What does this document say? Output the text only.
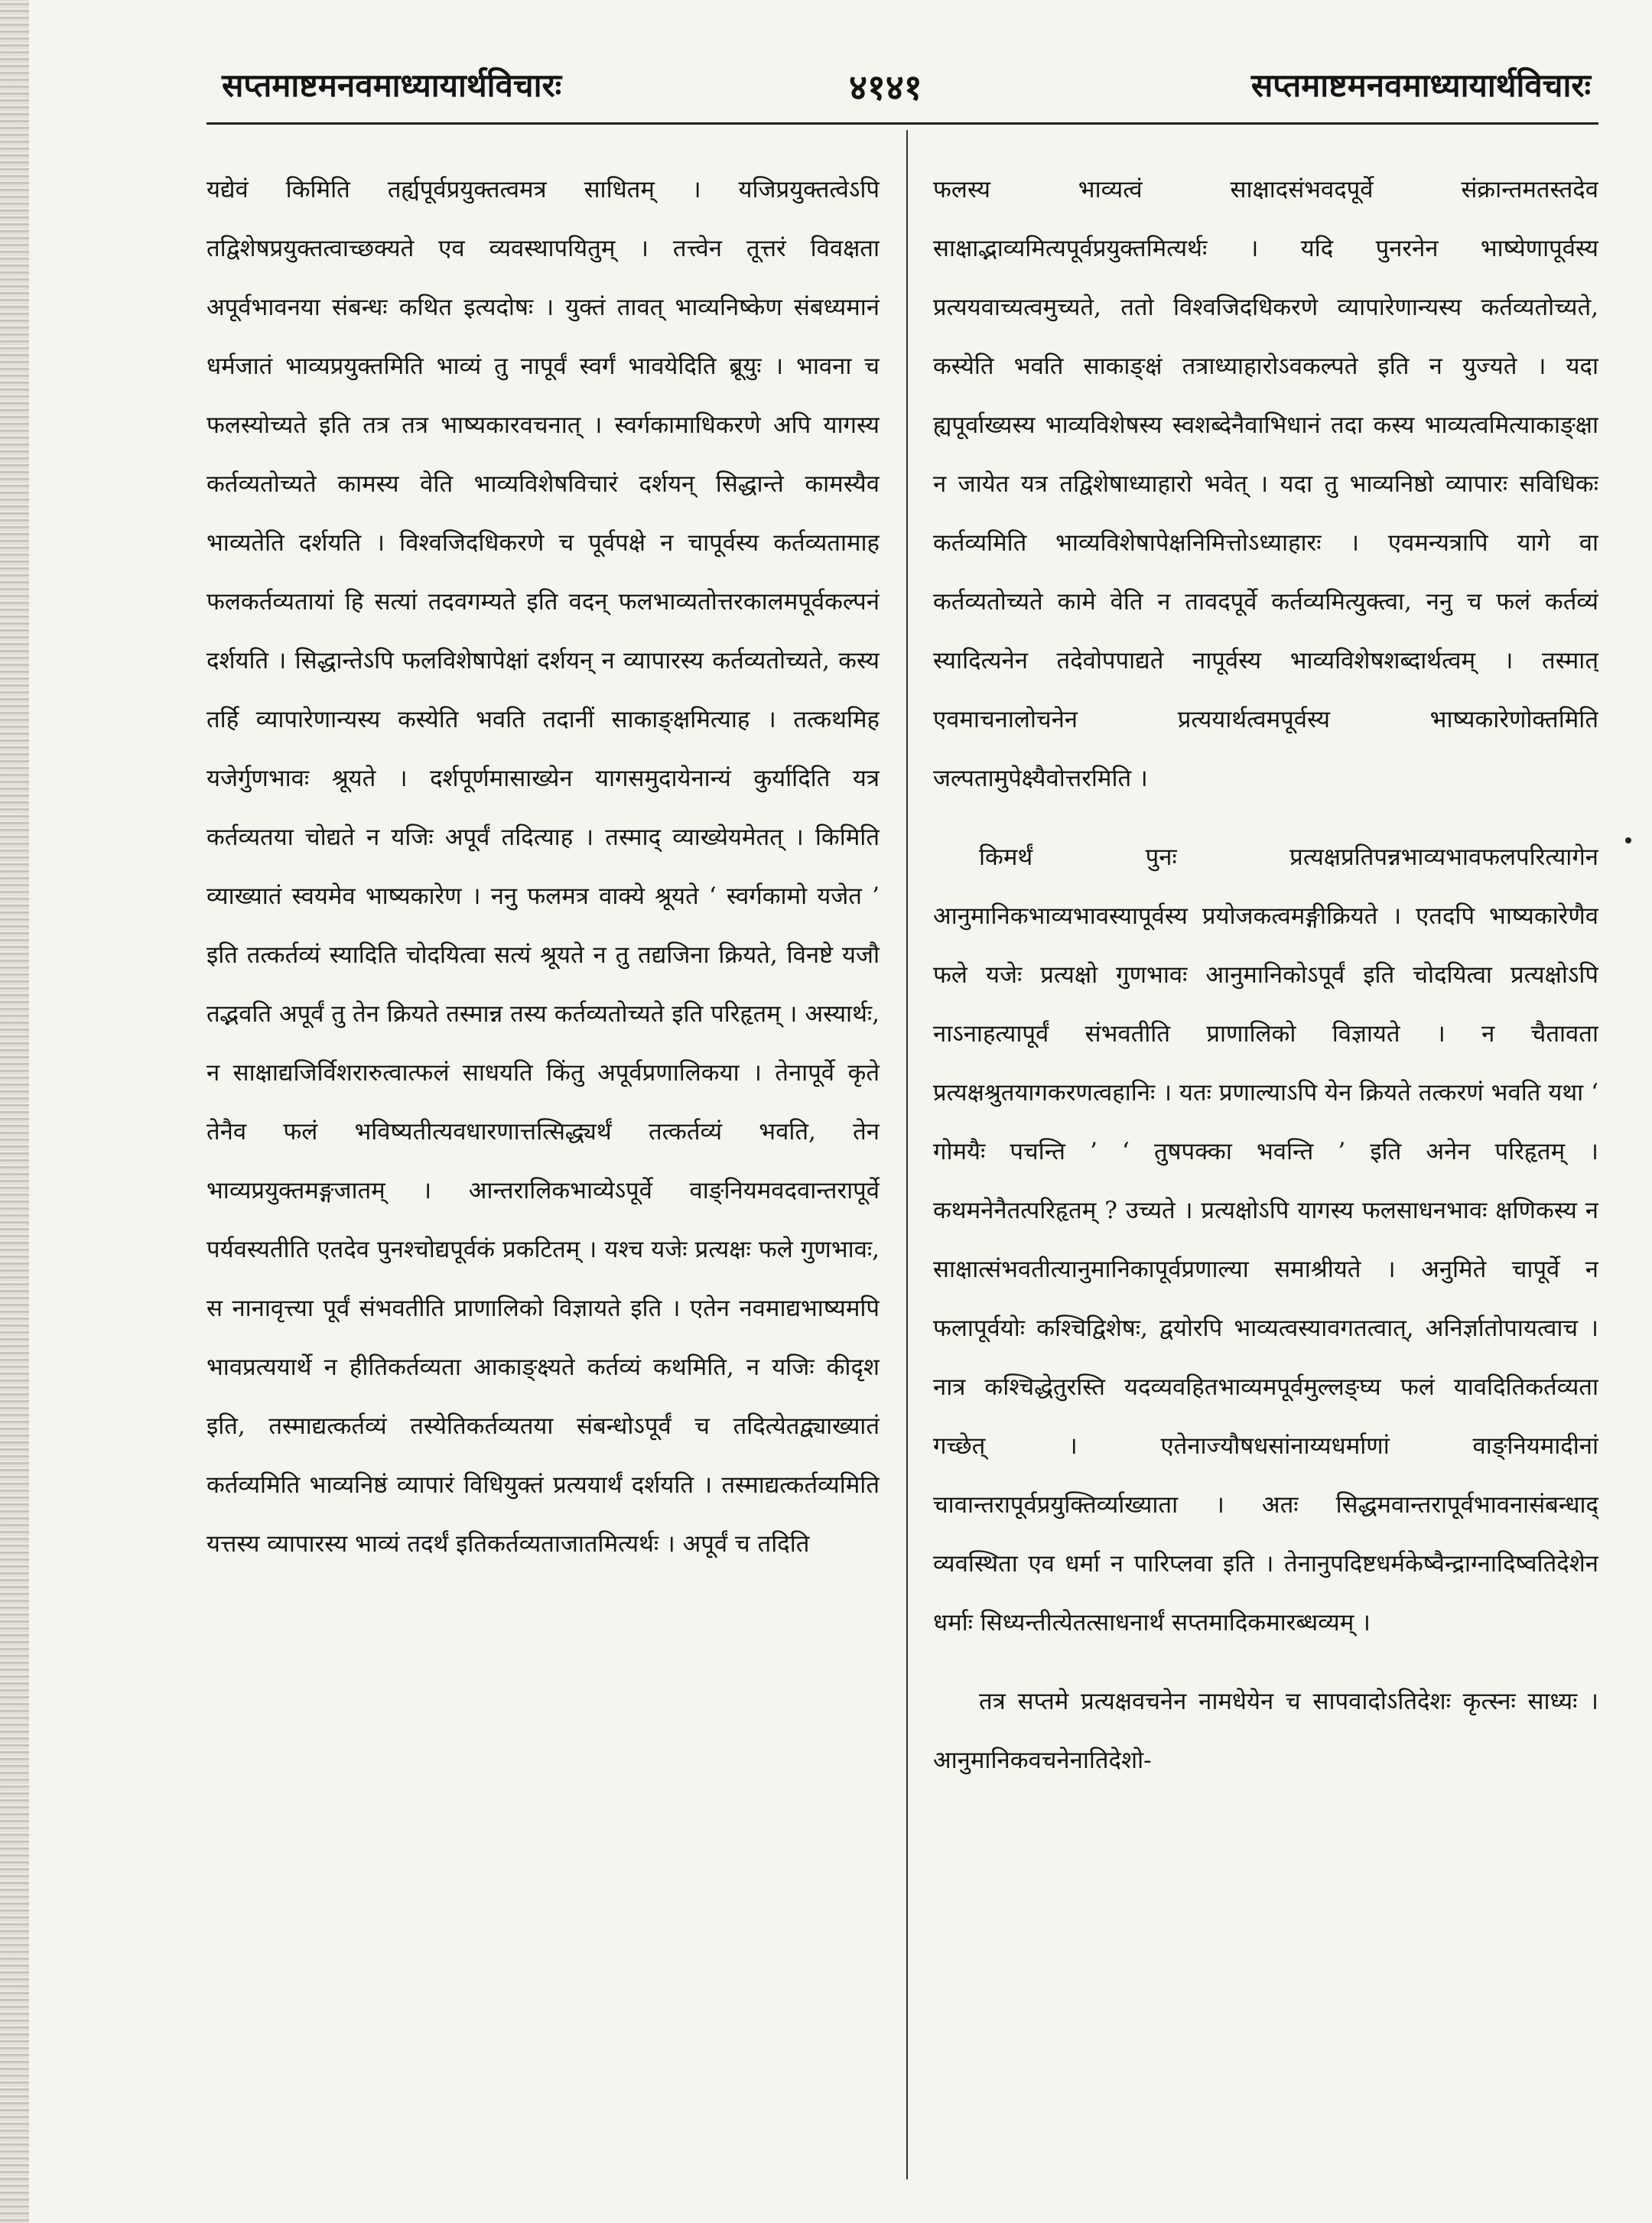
सप्तमाष्टमनवमाध्यायार्थविचारः	४१४१	सप्तमाष्टमनवमाध्यायार्थविचारः

यद्येवं किमिति तर्ह्यपूर्वप्रयुक्तत्वमत्र साधितम् । यजिप्रयुक्तत्वेऽपि तद्विशेषप्रयुक्तत्वाच्छक्यते एव व्यवस्थापयितुम् । तत्त्वेन तूत्तरं विवक्षता अपूर्वभावनया संबन्धः कथित इत्यदोषः । युक्तं तावत् भाव्यनिष्केण संबध्यमानं धर्मजातं भाव्यप्रयुक्तमिति भाव्यं तु नापूर्वं स्वर्गं भावयेदिति ब्रूयुः । भावना च फलस्योच्यते इति तत्र तत्र भाष्यकारवचनात् । स्वर्गकामाधिकरणे अपि यागस्य कर्तव्यतोच्यते कामस्य वेति भाव्यविशेषविचारं दर्शयन् सिद्धान्ते कामस्यैव भाव्यतेति दर्शयति । विश्वजिदधिकरणे च पूर्वपक्षे न चापूर्वस्य कर्तव्यतामाह फलकर्तव्यतायां हि सत्यां तदवगम्यते इति वदन् फलभाव्यतोत्तरकालमपूर्वकल्पनं दर्शयति । सिद्धान्तेऽपि फलविशेषापेक्षां दर्शयन् न व्यापारस्य कर्तव्यतोच्यते, कस्य तर्हि व्यापारेणान्यस्य कस्येति भवति तदानीं साकाङ्क्षमित्याह । तत्कथमिह यजेर्गुणभावः श्रूयते । दर्शपूर्णमासाख्येन यागसमुदायेनान्यं कुर्यादिति यत्र कर्तव्यतया चोद्यते न यजिः अपूर्वं तदित्याह । तस्माद् व्याख्येयमेतत् । किमिति व्याख्यातं स्वयमेव भाष्यकारेण । ननु फलमत्र वाक्ये श्रूयते ‘ स्वर्गकामो यजेत ’ इति तत्कर्तव्यं स्यादिति चोदयित्वा सत्यं श्रूयते न तु तद्यजिना क्रियते, विनष्टे यजौ तद्भवति अपूर्वं तु तेन क्रियते तस्मान्न तस्य कर्तव्यतोच्यते इति परिहृतम् । अस्यार्थः, न साक्षाद्यजिर्विशरारुत्वात्फलं साधयति किंतु अपूर्वप्रणालिकया । तेनापूर्वे कृते तेनैव फलं भविष्यतीत्यवधारणात्तत्सिद्ध्यर्थं तत्कर्तव्यं भवति, तेन भाव्यप्रयुक्तमङ्गजातम् । आन्तरालिकभाव्येऽपूर्वे वाङ्नियमवदवान्तरापूर्वे पर्यवस्यतीति एतदेव पुनश्चोद्यपूर्वकं प्रकटितम् । यश्च यजेः प्रत्यक्षः फले गुणभावः, स नानावृत्त्या पूर्वं संभवतीति प्राणालिको विज्ञायते इति । एतेन नवमाद्यभाष्यमपि भावप्रत्ययार्थे न हीतिकर्तव्यता आकाङ्क्ष्यते कर्तव्यं कथमिति, न यजिः कीदृश इति, तस्माद्यत्कर्तव्यं तस्येतिकर्तव्यतया संबन्धोऽपूर्वं च तदित्येतद्व्याख्यातं कर्तव्यमिति भाव्यनिष्ठं व्यापारं विधियुक्तं प्रत्ययार्थं दर्शयति । तस्माद्यत्कर्तव्यमिति यत्तस्य व्यापारस्य भाव्यं तदर्थं इतिकर्तव्यताजातमित्यर्थः । अपूर्वं च तदिति

फलस्य भाव्यत्वं साक्षादसंभवदपूर्वे संक्रान्तमतस्तदेव साक्षाद्भाव्यमित्यपूर्वप्रयुक्तमित्यर्थः । यदि पुनरनेन भाष्येणापूर्वस्य प्रत्ययवाच्यत्वमुच्यते, ततो विश्वजिदधिकरणे व्यापारेणान्यस्य कर्तव्यतोच्यते, कस्येति भवति साकाङ्क्षं तत्राध्याहारोऽवकल्पते इति न युज्यते । यदा ह्यपूर्वाख्यस्य भाव्यविशेषस्य स्वशब्देनैवाभिधानं तदा कस्य भाव्यत्वमित्याकाङ्क्षा न जायेत यत्र तद्विशेषाध्याहारो भवेत् । यदा तु भाव्यनिष्ठो व्यापारः सविधिकः कर्तव्यमिति भाव्यविशेषापेक्षनिमित्तोऽध्याहारः । एवमन्यत्रापि यागे वा कर्तव्यतोच्यते कामे वेति न तावदपूर्वे कर्तव्यमित्युक्त्वा, ननु च फलं कर्तव्यं स्यादित्यनेन तदेवोपपाद्यते नापूर्वस्य भाव्यविशेषशब्दार्थत्वम् । तस्मात् एवमाचनालोचनेन प्रत्ययार्थत्वमपूर्वस्य भाष्यकारेणोक्तमिति जल्पतामुपेक्ष्यैवोत्तरमिति ।

किमर्थं पुनः प्रत्यक्षप्रतिपन्नभाव्यभावफलपरित्यागेन आनुमानिकभाव्यभावस्यापूर्वस्य प्रयोजकत्वमङ्गीक्रियते । एतदपि भाष्यकारेणैव फले यजेः प्रत्यक्षो गुणभावः आनुमानिकोऽपूर्वं इति चोदयित्वा प्रत्यक्षोऽपि नाऽनाहत्यापूर्वं संभवतीति प्राणालिको विज्ञायते । न चैतावता प्रत्यक्षश्रुतयागकरणत्वहानिः । यतः प्रणाल्याऽपि येन क्रियते तत्करणं भवति यथा ‘ गोमयैः पचन्ति ’ ‘ तुषपक्का भवन्ति ’ इति अनेन परिहृतम् । कथमनेनैतत्परिहृतम् ? उच्यते । प्रत्यक्षोऽपि यागस्य फलसाधनभावः क्षणिकस्य न साक्षात्संभवतीत्यानुमानिकापूर्वप्रणाल्या समाश्रीयते । अनुमिते चापूर्वे न फलापूर्वयोः कश्चिद्विशेषः, द्वयोरपि भाव्यत्वस्यावगतत्वात्, अनिर्ज्ञातोपायत्वाच । नात्र कश्चिद्धेतुरस्ति यदव्यवहितभाव्यमपूर्वमुल्लङ्घ्य फलं यावदितिकर्तव्यता गच्छेत् । एतेनाज्यौषधसांनाय्यधर्माणां वाङ्नियमादीनां चावान्तरापूर्वप्रयुक्तिर्व्याख्याता । अतः सिद्धमवान्तरापूर्वभावनासंबन्धाद् व्यवस्थिता एव धर्मा न पारिप्लवा इति । तेनानुपदिष्टधर्मकेष्वैन्द्राग्नादिष्वतिदेशेन धर्माः सिध्यन्तीत्येतत्साधनार्थं सप्तमादिकमारब्धव्यम् ।

तत्र सप्तमे प्रत्यक्षवचनेन नामधेयेन च सापवादोऽतिदेशः कृत्स्नः साध्यः । आनुमानिकवचनेनातिदेशो-
